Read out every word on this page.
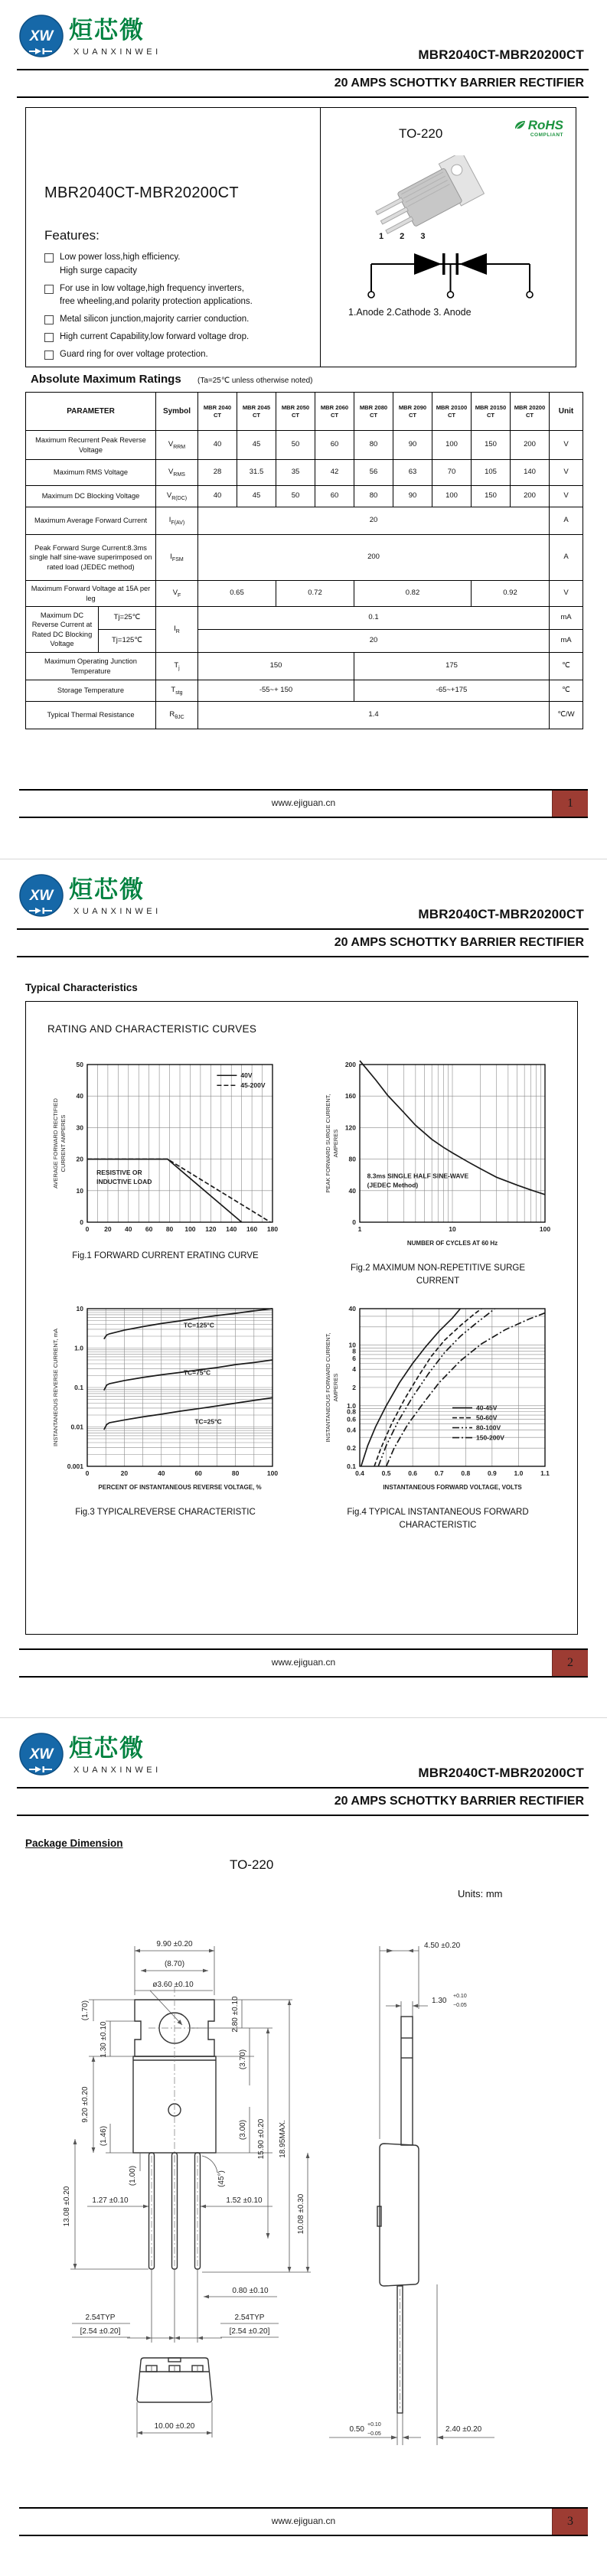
XW 烜芯微
XUANXINWEI	MBR2040CT-MBR20200CT
20 AMPS SCHOTTKY BARRIER RECTIFIER
MBR2040CT-MBR20200CT
Features:
Low power loss,high efficiency.
High surge capacity
For use in low voltage,high frequency inverters,
free wheeling,and polarity protection applications.
Metal silicon junction,majority carrier conduction.
High current Capability,low forward voltage drop.
Guard ring for over voltage protection.
TO-220
RoHS
COMPLIANT
1 2 3
1.Anode 2.Cathode 3. Anode
Absolute Maximum Ratings (Ta=25℃ unless otherwise noted)
PARAMETER		Symbol	MBR 2040 CT	MBR 2045 CT	MBR 2050 CT	MBR 2060 CT	MBR 2080 CT	MBR 2090 CT	MBR 20100 CT	MBR 20150 CT	MBR 20200 CT	Unit
Maximum Recurrent Peak Reverse Voltage		$V_{RRM}$	40	45	50	60	80	90	100	150	200	V
Maximum RMS Voltage		$V_{RMS}$	28	31.5	35	42	56	63	70	105	140	V
Maximum DC Blocking Voltage		$V_{R(DC)}$	40	45	50	60	80	90	100	150	200	V
Maximum Average Forward Current		$I_{F(AV)}$	20									A
Peak Forward Surge Current:8.3ms single half sine-wave superimposed on rated load (JEDEC method)		$I_{FSM}$	200									A
Maximum Forward Voltage at 15A per leg		$V_F$	0.65		0.72		0.82			0.92		V
Maximum DC Reverse Current at Rated DC Blocking Voltage	Tj=25℃	$I_R$	0.1									mA
	Tj=125℃		20									mA
Maximum Operating Junction Temperature		$T_j$	150				175					℃
Storage Temperature		$T_{stg}$	-55~+ 150				-65~+175					℃
Typical Thermal Resistance		$R_{\theta JC}$	1.4									℃/W
www.ejiguan.cn	1
XW 烜芯微
XUANXINWEI	MBR2040CT-MBR20200CT
20 AMPS SCHOTTKY BARRIER RECTIFIER
Typical Characteristics
RATING AND CHARACTERISTIC CURVES
0 20 40 60 80 100 120 140 160 180
0
10
20
30
40
50
AVERAGE FORWARD RECTIFIED CURRENT AMPERES
40V
45-200V
RESISTIVE OR
INDUCTIVE LOAD
Fig.1 FORWARD CURRENT ERATING CURVE
1	10	100
0
40
80
120
160
200
NUMBER OF CYCLES AT 60 Hz
PEAK FORWARD SURGE CURRENT, AMPERES
8.3ms SINGLE HALF SINE-WAVE
(JEDEC Method)
Fig.2 MAXIMUM NON-REPETITIVE SURGE
CURRENT
0	20	40	60	80	100
0.001
0.01
0.1
1.0
10
PERCENT OF INSTANTANEOUS REVERSE VOLTAGE, %
INSTANTANEOUS REVERSE CURRENT, mA
TC=125°C
TC=75°C
TC=25°C
Fig.3 TYPICALREVERSE CHARACTERISTIC
0.4	0.5	0.6	0.7	0.8	0.9	1.0	1.1
0.1
0.2
0.4
0.6
0.8
1.0
2
4
6
8
10
40
INSTANTANEOUS FORWARD VOLTAGE, VOLTS
INSTANTANEOUS FORWARD CURRENT, AMPERES
40-45V
50-60V
80-100V
150-200V
Fig.4 TYPICAL INSTANTANEOUS FORWARD
CHARACTERISTIC
www.ejiguan.cn	2
XW 烜芯微
XUANXINWEI	MBR2040CT-MBR20200CT
20 AMPS SCHOTTKY BARRIER RECTIFIER
Package Dimension
TO-220
Units: mm
9.90 ±0.20
(8.70)
ø3.60 ±0.10
(45°)
(1.70)
1.30 ±0.10
9.20 ±0.20
(1.46)
13.08 ±0.20
2.80 ±0.10
(3.70)
(3.00) 15.90 ±0.20 18.95MAX.
10.08 ±0.30
(1.00)
1.27 ±0.10	1.52 ±0.10
0.80 ±0.10
2.54TYP
[2.54 ±0.20]
2.54TYP
[2.54 ±0.20]
10.00 ±0.20
4.50 ±0.20
1.30
+0.10
−0.05
0.50
+0.10
−0.05
2.40 ±0.20
www.ejiguan.cn	3
